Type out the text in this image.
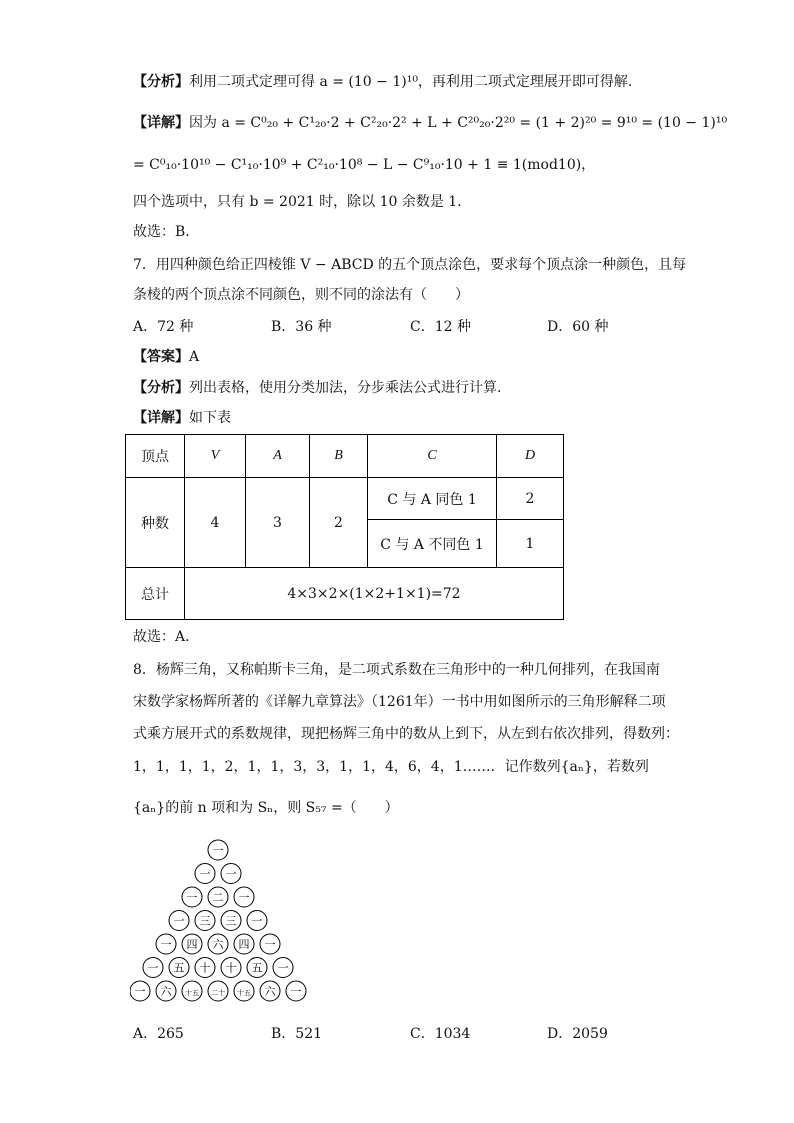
【分析】利用二项式定理可得 a = (10 − 1)¹⁰，再利用二项式定理展开即可得解.
【详解】因为 a = C⁰₂₀ + C¹₂₀·2 + C²₂₀·2² + L + C²⁰₂₀·2²⁰ = (1 + 2)²⁰ = 9¹⁰ = (10 − 1)¹⁰
= C⁰₁₀·10¹⁰ − C¹₁₀·10⁹ + C²₁₀·10⁸ − L − C⁹₁₀·10 + 1 ≡ 1(mod10)，
四个选项中，只有 b = 2021 时，除以 10 余数是 1．
故选：B．
7．用四种颜色给正四棱锥 V − ABCD 的五个顶点涂色，要求每个顶点涂一种颜色，且每
条棱的两个顶点涂不同颜色，则不同的涂法有（　　）
A．72 种	B．36 种	C．12 种	D．60 种
【答案】A
【分析】列出表格，使用分类加法，分步乘法公式进行计算.
【详解】如下表
顶点	V	A	B	C	D
种数	4	3	2	C 与 A 同色 1	2
				C 与 A 不同色 1	1
总计	4×3×2×(1×2+1×1)=72				
故选：A．
8．杨辉三角，又称帕斯卡三角，是二项式系数在三角形中的一种几何排列，在我国南
宋数学家杨辉所著的《详解九章算法》（1261年）一书中用如图所示的三角形解释二项
式乘方展开式的系数规律，现把杨辉三角中的数从上到下，从左到右依次排列，得数列：
1，1，1，1，2，1，1，3，3，1，1，4，6，4，1……．记作数列{aₙ}，若数列
{aₙ}的前 n 项和为 Sₙ，则 S₅₇ =（　　）
一
一 一
一 二 一
一 三 三 一
一 四 六 四 一
一 五 十 十 五 一
一 六 十五 二十 十五 六 一
A．265	B．521	C．1034	D．2059
